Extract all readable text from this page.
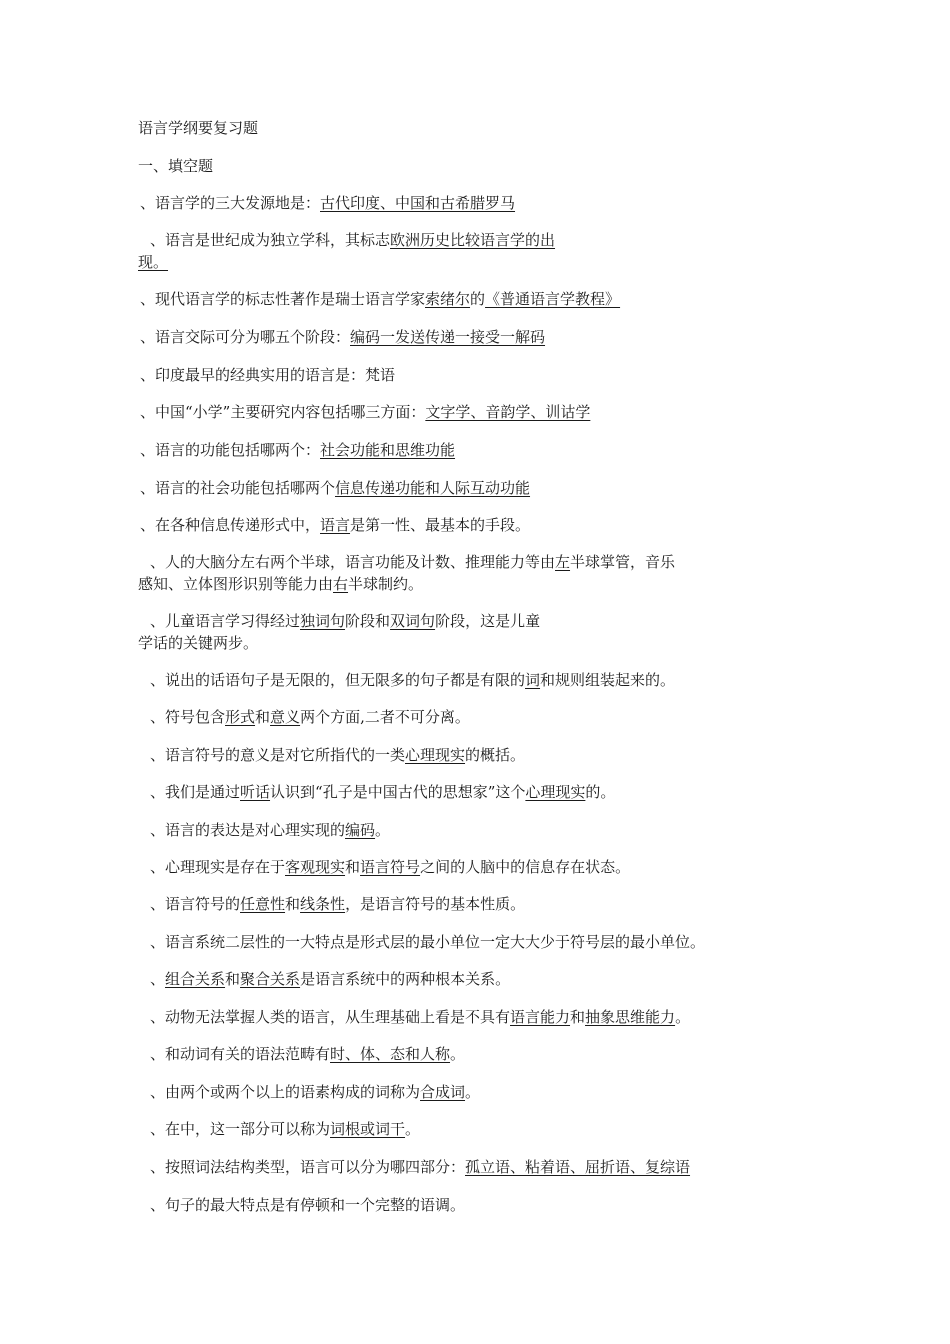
语言学纲要复习题
一、填空题
、语言学的三大发源地是：古代印度、中国和古希腊罗马
、语言是世纪成为独立学科，其标志欧洲历史比较语言学的出
现。
、现代语言学的标志性著作是瑞士语言学家索绪尔的《普通语言学教程》
、语言交际可分为哪五个阶段：编码一发送传递一接受一解码
、印度最早的经典实用的语言是：梵语
、中国“小学”主要研究内容包括哪三方面：文字学、音韵学、训诂学
、语言的功能包括哪两个：社会功能和思维功能
、语言的社会功能包括哪两个信息传递功能和人际互动功能
、在各种信息传递形式中，语言是第一性、最基本的手段。
、人的大脑分左右两个半球，语言功能及计数、推理能力等由左半球掌管，音乐
感知、立体图形识别等能力由右半球制约。
、儿童语言学习得经过独词句阶段和双词句阶段，这是儿童
学话的关键两步。
、说出的话语句子是无限的，但无限多的句子都是有限的词和规则组装起来的。
、符号包含形式和意义两个方面,二者不可分离。
、语言符号的意义是对它所指代的一类心理现实的概括。
、我们是通过听话认识到“孔子是中国古代的思想家”这个心理现实的。
、语言的表达是对心理实现的编码。
、心理现实是存在于客观现实和语言符号之间的人脑中的信息存在状态。
、语言符号的任意性和线条性，是语言符号的基本性质。
、语言系统二层性的一大特点是形式层的最小单位一定大大少于符号层的最小单位。
、组合关系和聚合关系是语言系统中的两种根本关系。
、动物无法掌握人类的语言，从生理基础上看是不具有语言能力和抽象思维能力。
、和动词有关的语法范畴有时、体、态和人称。
、由两个或两个以上的语素构成的词称为合成词。
、在中，这一部分可以称为词根或词干。
、按照词法结构类型，语言可以分为哪四部分：孤立语、粘着语、屈折语、复综语
、句子的最大特点是有停顿和一个完整的语调。
